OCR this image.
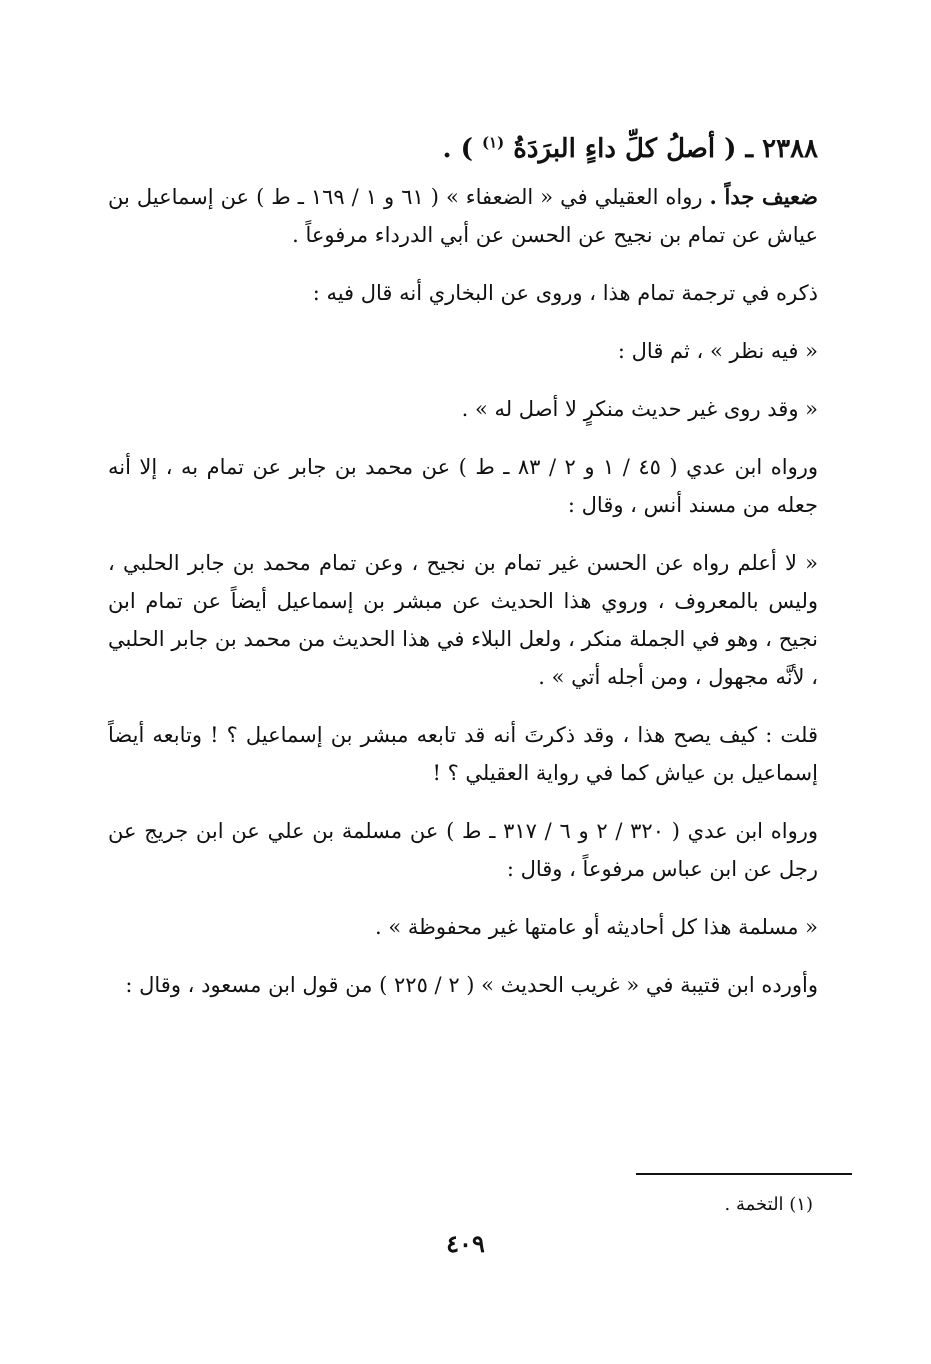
٢٣٨٨ ـ ( أصلُ كلِّ داءٍ البرَدَةُ $^{(١)}$ ) .

ضعيف جداً . رواه العقيلي في « الضعفاء » ( ٦١ و ١ / ١٦٩ ـ ط ) عن إسماعيل بن عياش عن تمام بن نجيح عن الحسن عن أبي الدرداء مرفوعاً .

ذكره في ترجمة تمام هذا ، وروى عن البخاري أنه قال فيه :

« فيه نظر » ، ثم قال :

« وقد روى غير حديث منكرٍ لا أصل له » .

ورواه ابن عدي ( ٤٥ / ١ و ٢ / ٨٣ ـ ط ) عن محمد بن جابر عن تمام به ، إلا أنه جعله من مسند أنس ، وقال :

« لا أعلم رواه عن الحسن غير تمام بن نجيح ، وعن تمام محمد بن جابر الحلبي ، وليس بالمعروف ، وروي هذا الحديث عن مبشر بن إسماعيل أيضاً عن تمام ابن نجيح ، وهو في الجملة منكر ، ولعل البلاء في هذا الحديث من محمد بن جابر الحلبي ، لأنَّه مجهول ، ومن أجله أتي » .

قلت : كيف يصح هذا ، وقد ذكرتَ أنه قد تابعه مبشر بن إسماعيل ؟ ! وتابعه أيضاً إسماعيل بن عياش كما في رواية العقيلي ؟ !

ورواه ابن عدي ( ٣٢٠ / ٢ و ٦ / ٣١٧ ـ ط ) عن مسلمة بن علي عن ابن جريج عن رجل عن ابن عباس مرفوعاً ، وقال :

« مسلمة هذا كل أحاديثه أو عامتها غير محفوظة » .

وأورده ابن قتيبة في « غريب الحديث » ( ٢ / ٢٢٥ ) من قول ابن مسعود ، وقال :

(١) التخمة .
٤٠٩
